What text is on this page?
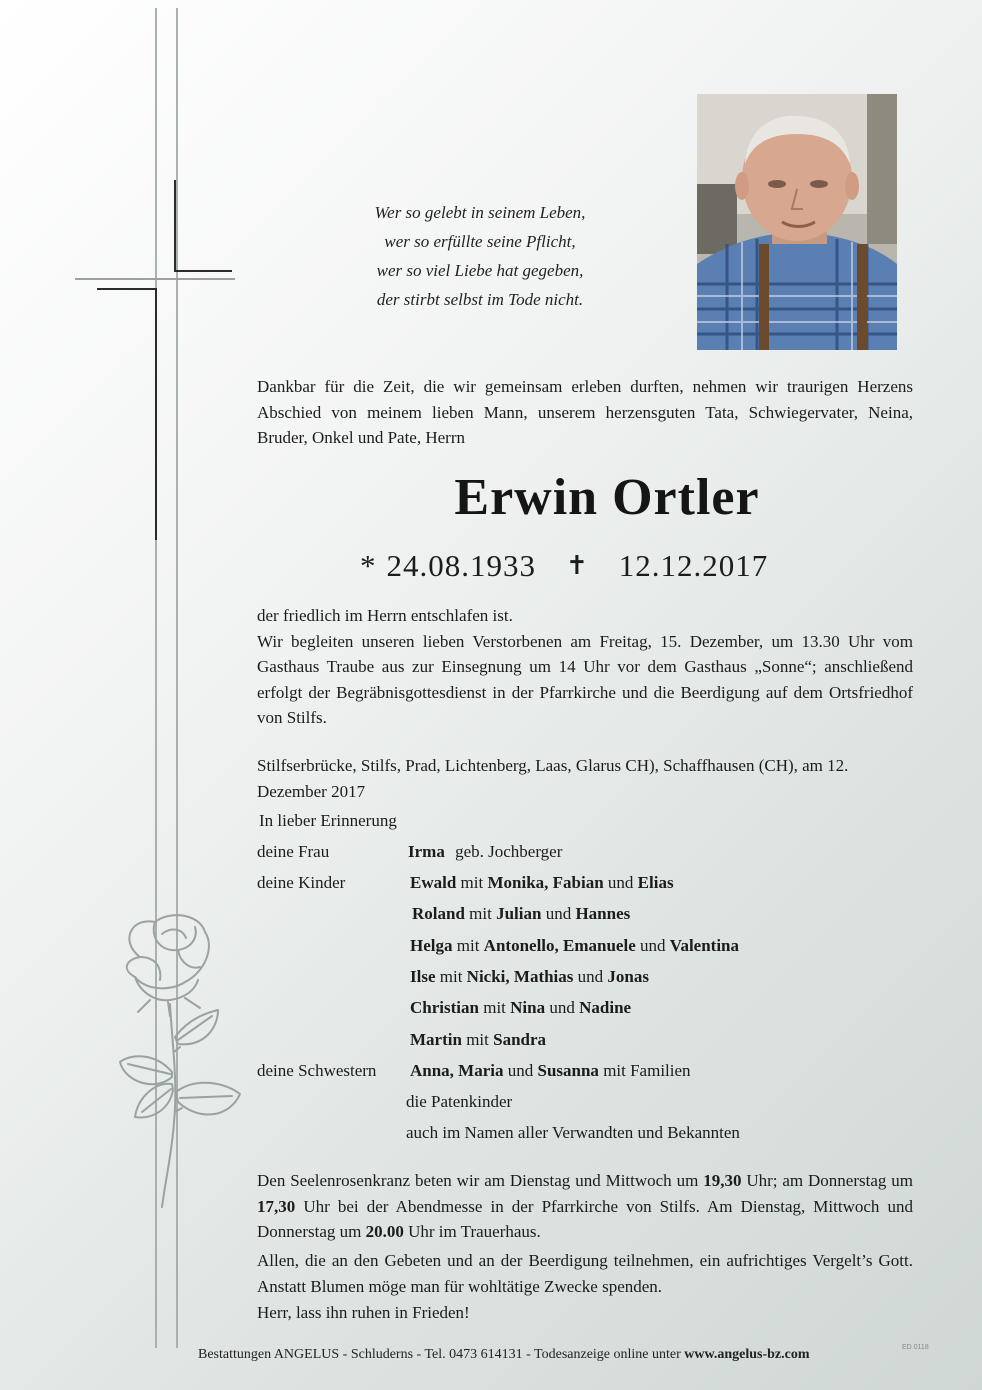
Wer so gelebt in seinem Leben,
wer so erfüllte seine Pflicht,
wer so viel Liebe hat gegeben,
der stirbt selbst im Tode nicht.
Dankbar für die Zeit, die wir gemeinsam erleben durften, nehmen wir traurigen Herzens Abschied von meinem lieben Mann, unserem herzensguten Tata, Schwiegervater, Neina, Bruder, Onkel und Pate, Herrn
Erwin Ortler
* 24.08.1933 ✝ 12.12.2017

der friedlich im Herrn entschlafen ist.

Wir begleiten unseren lieben Verstorbenen am Freitag, 15. Dezember, um 13.30 Uhr vom Gasthaus Traube aus zur Einsegnung um 14 Uhr vor dem Gasthaus „Sonne“; anschließend erfolgt der Begräbnisgottesdienst in der Pfarrkirche und die Beerdigung auf dem Ortsfriedhof von Stilfs.

Stilfserbrücke, Stilfs, Prad, Lichtenberg, Laas, Glarus CH), Schaffhausen (CH), am 12. Dezember 2017
In lieber Erinnerung
deine Frau	Irma geb. Jochberger
deine Kinder	Ewald mit Monika, Fabian und Elias
Roland mit Julian und Hannes
Helga mit Antonello, Emanuele und Valentina
Ilse mit Nicki, Mathias und Jonas
Christian mit Nina und Nadine
Martin mit Sandra
deine Schwestern Anna, Maria und Susanna mit Familien
die Patenkinder
auch im Namen aller Verwandten und Bekannten
Den Seelenrosenkranz beten wir am Dienstag und Mittwoch um 19,30 Uhr; am Donnerstag um 17,30 Uhr bei der Abendmesse in der Pfarrkirche von Stilfs. Am Dienstag, Mittwoch und Donnerstag um 20.00 Uhr im Trauerhaus.
Allen, die an den Gebeten und an der Beerdigung teilnehmen, ein aufrichtiges Vergelt’s Gott. Anstatt Blumen möge man für wohltätige Zwecke spenden.
Herr, lass ihn ruhen in Frieden!
Bestattungen ANGELUS - Schluderns - Tel. 0473 614131 - Todesanzeige online unter www.angelus-bz.com	ED 0118
